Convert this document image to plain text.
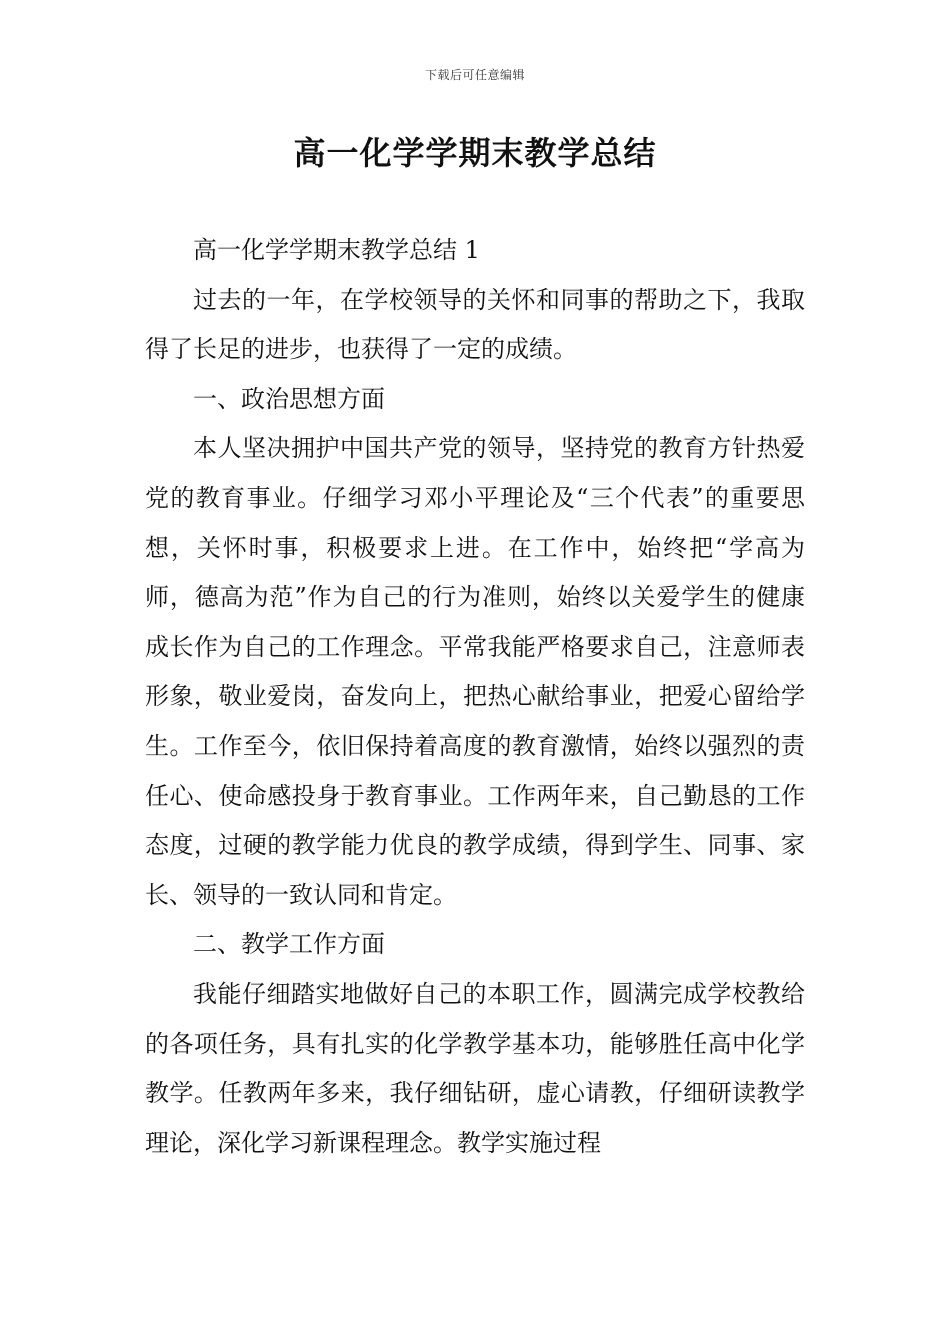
下载后可任意编辑
高一化学学期末教学总结

高一化学学期末教学总结 1

过去的一年，在学校领导的关怀和同事的帮助之下，我取得了长足的进步，也获得了一定的成绩。

一、政治思想方面

本人坚决拥护中国共产党的领导，坚持党的教育方针热爱党的教育事业。仔细学习邓小平理论及“三个代表”的重要思想，关怀时事，积极要求上进。在工作中，始终把“学高为师，德高为范”作为自己的行为准则，始终以关爱学生的健康成长作为自己的工作理念。平常我能严格要求自己，注意师表形象，敬业爱岗，奋发向上，把热心献给事业，把爱心留给学生。工作至今，依旧保持着高度的教育激情，始终以强烈的责任心、使命感投身于教育事业。工作两年来，自己勤恳的工作态度，过硬的教学能力优良的教学成绩，得到学生、同事、家长、领导的一致认同和肯定。

二、教学工作方面

我能仔细踏实地做好自己的本职工作，圆满完成学校教给的各项任务，具有扎实的化学教学基本功，能够胜任高中化学教学。任教两年多来，我仔细钻研，虚心请教，仔细研读教学理论，深化学习新课程理念。教学实施过程
